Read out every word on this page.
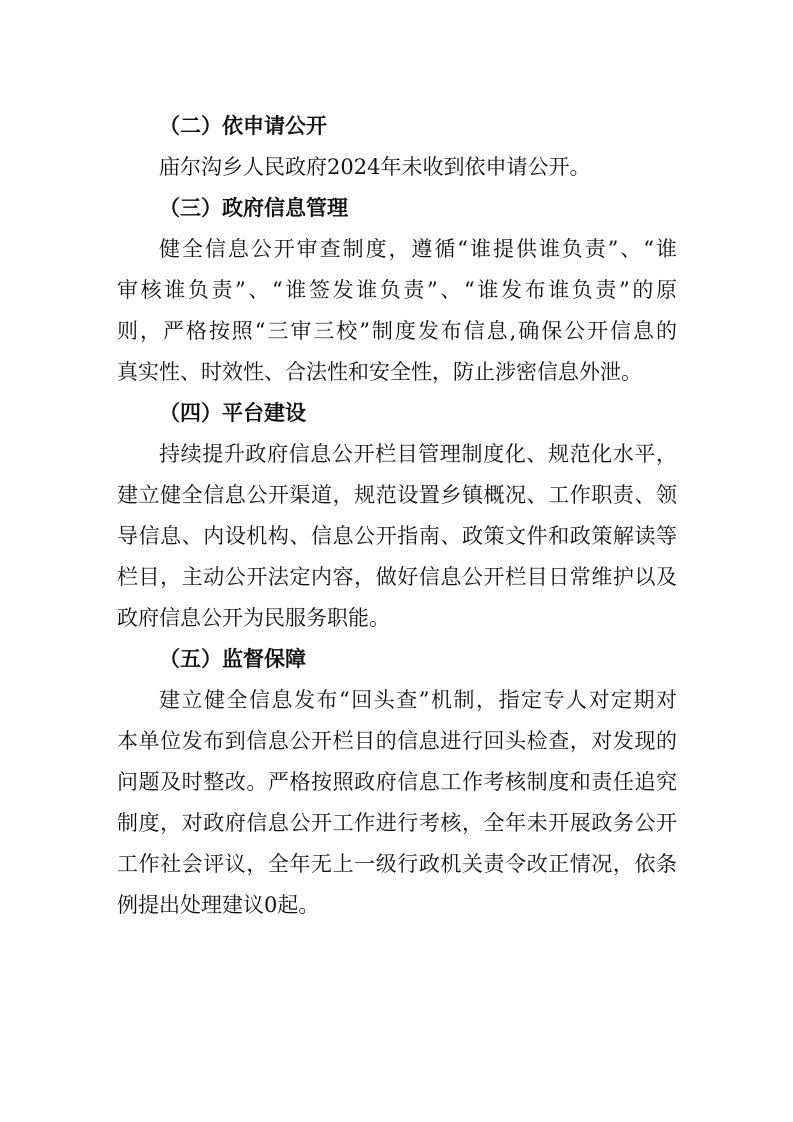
（二）依申请公开
庙尔沟乡人民政府2024年未收到依申请公开。
（三）政府信息管理
健全信息公开审查制度，遵循“谁提供谁负责”、“谁
审核谁负责”、“谁签发谁负责”、“谁发布谁负责”的原
则，严格按照“三审三校”制度发布信息,确保公开信息的
真实性、时效性、合法性和安全性，防止涉密信息外泄。
（四）平台建设
持续提升政府信息公开栏目管理制度化、规范化水平，
建立健全信息公开渠道，规范设置乡镇概况、工作职责、领
导信息、内设机构、信息公开指南、政策文件和政策解读等
栏目，主动公开法定内容，做好信息公开栏目日常维护以及
政府信息公开为民服务职能。
（五）监督保障
建立健全信息发布“回头查”机制，指定专人对定期对
本单位发布到信息公开栏目的信息进行回头检查，对发现的
问题及时整改。严格按照政府信息工作考核制度和责任追究
制度，对政府信息公开工作进行考核，全年未开展政务公开
工作社会评议，全年无上一级行政机关责令改正情况，依条
例提出处理建议0起。
